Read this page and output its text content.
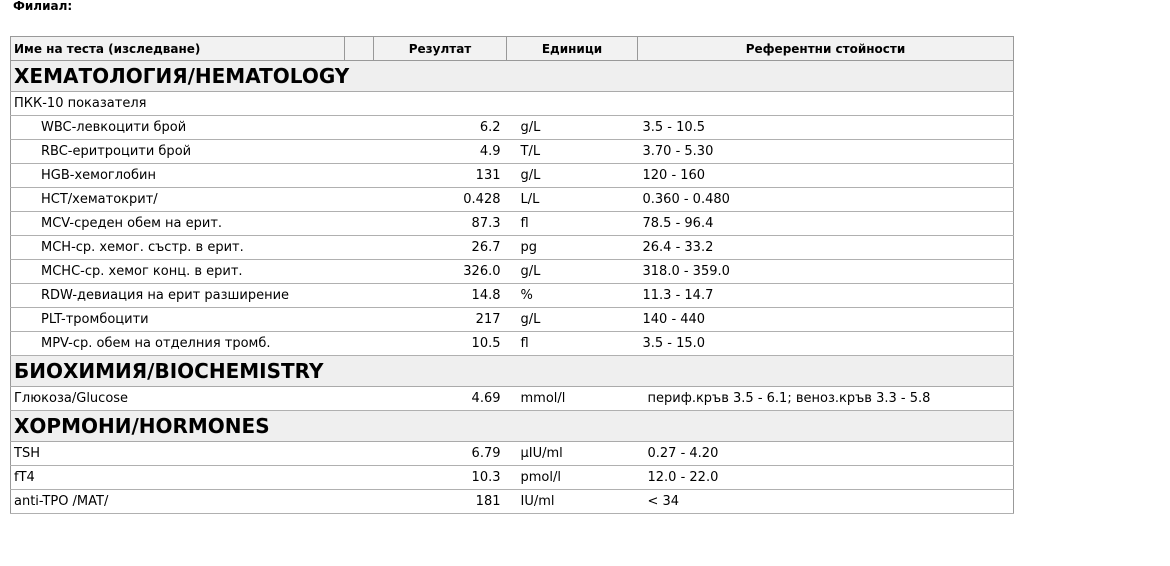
Филиал:
Име на теста (изследване)		Резултат	Единици	Референтни стойности
ХЕМАТОЛОГИЯ/HEMATOLOGY				
ПКК-10 показателя				
WBC-левкоцити брой		6.2	g/L	3.5 - 10.5
RBC-еритроцити брой		4.9	T/L	3.70 - 5.30
HGB-хемоглобин		131	g/L	120 - 160
HCT/хематокрит/		0.428	L/L	0.360 - 0.480
MCV-среден обем на ерит.		87.3	fl	78.5 - 96.4
MCH-ср. хемог. състр. в ерит.		26.7	pg	26.4 - 33.2
MCHC-ср. хемог конц. в ерит.		326.0	g/L	318.0 - 359.0
RDW-девиация на ерит разширение		14.8	%	11.3 - 14.7
PLT-тромбоцити		217	g/L	140 - 440
MPV-ср. обем на отделния тромб.		10.5	fl	3.5 - 15.0
БИОХИМИЯ/BIOCHEMISTRY				
Глюкоза/Glucose		4.69	mmol/l	периф.кръв 3.5 - 6.1; веноз.кръв 3.3 - 5.8
ХОРМОНИ/HORMONES				
TSH		6.79	µIU/ml	0.27 - 4.20
fT4		10.3	pmol/l	12.0 - 22.0
anti-TPO /MAT/		181	IU/ml	< 34
